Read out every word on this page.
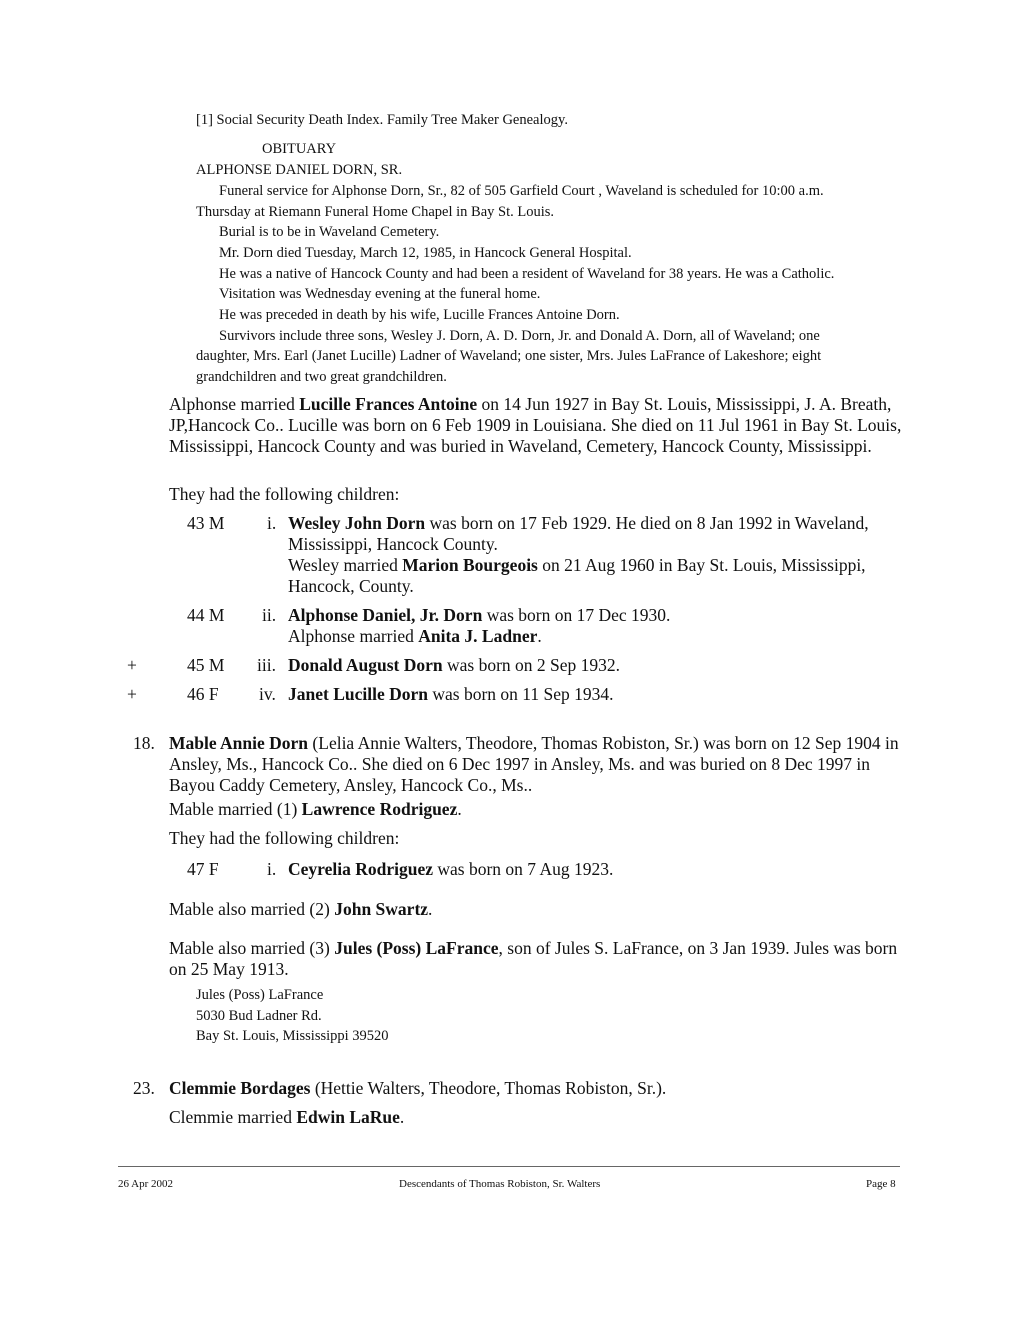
[1] Social Security Death Index. Family Tree Maker Genealogy.
OBITUARY
ALPHONSE DANIEL DORN, SR.
Funeral service for Alphonse Dorn, Sr., 82 of 505 Garfield Court , Waveland is scheduled for 10:00 a.m.
Thursday at Riemann Funeral Home Chapel in Bay St. Louis.
Burial is to be in Waveland Cemetery.
Mr. Dorn died Tuesday, March 12, 1985, in Hancock General Hospital.
He was a native of Hancock County and had been a resident of Waveland for 38 years. He was a Catholic.
Visitation was Wednesday evening at the funeral home.
He was preceded in death by his wife, Lucille Frances Antoine Dorn.
Survivors include three sons, Wesley J. Dorn, A. D. Dorn, Jr. and Donald A. Dorn, all of Waveland; one
daughter, Mrs. Earl (Janet Lucille) Ladner of Waveland; one sister, Mrs. Jules LaFrance of Lakeshore; eight
grandchildren and two great grandchildren.
Alphonse married Lucille Frances Antoine on 14 Jun 1927 in Bay St. Louis, Mississippi, J. A. Breath, JP,Hancock Co.. Lucille was born on 6 Feb 1909 in Louisiana. She died on 11 Jul 1961 in Bay St. Louis, Mississippi, Hancock County and was buried in Waveland, Cemetery, Hancock County, Mississippi.
They had the following children:
43 M i. Wesley John Dorn was born on 17 Feb 1929. He died on 8 Jan 1992 in Waveland,
Mississippi, Hancock County.
Wesley married Marion Bourgeois on 21 Aug 1960 in Bay St. Louis, Mississippi,
Hancock, County.
44 M ii. Alphonse Daniel, Jr. Dorn was born on 17 Dec 1930.
Alphonse married Anita J. Ladner.
+	45 M iii. Donald August Dorn was born on 2 Sep 1932.
+	46 F iv. Janet Lucille Dorn was born on 11 Sep 1934.
18. Mable Annie Dorn (Lelia Annie Walters, Theodore, Thomas Robiston, Sr.) was born on 12 Sep 1904 in Ansley, Ms., Hancock Co.. She died on 6 Dec 1997 in Ansley, Ms. and was buried on 8 Dec 1997 in Bayou Caddy Cemetery, Ansley, Hancock Co., Ms..
Mable married (1) Lawrence Rodriguez.
They had the following children:
47 F	i. Ceyrelia Rodriguez was born on 7 Aug 1923.
Mable also married (2) John Swartz.
Mable also married (3) Jules (Poss) LaFrance, son of Jules S. LaFrance, on 3 Jan 1939. Jules was born on 25 May 1913.
Jules (Poss) LaFrance
5030 Bud Ladner Rd.
Bay St. Louis, Mississippi 39520
23. Clemmie Bordages (Hettie Walters, Theodore, Thomas Robiston, Sr.).
Clemmie married Edwin LaRue.
26 Apr 2002	Descendants of Thomas Robiston, Sr. Walters	Page 8
